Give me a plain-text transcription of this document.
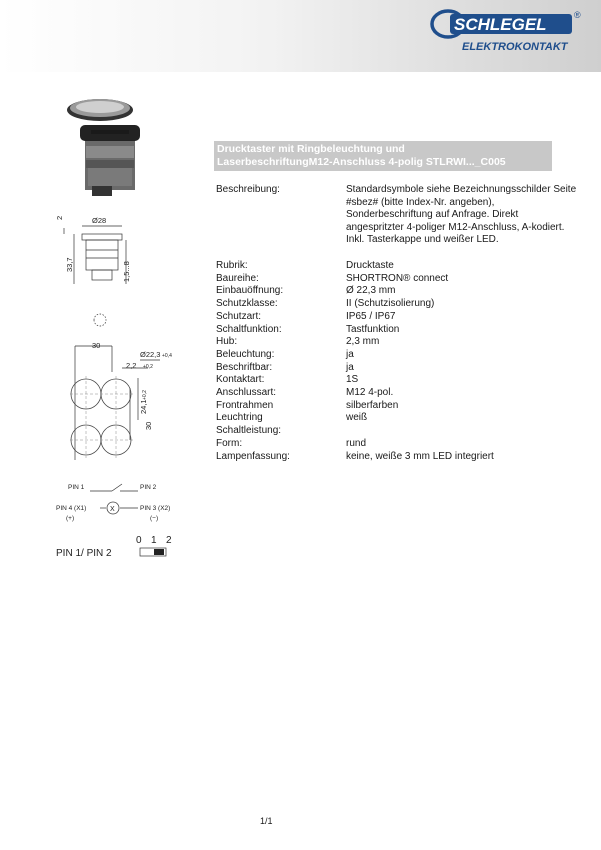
SCHLEGEL	®
ELEKTROKONTAKT
Drucktaster mit Ringbeleuchtung und
LaserbeschriftungM12-Anschluss 4-polig STLRWI..._C005
Beschreibung:	Standardsymbole siehe Bezeichnungsschilder Seite
#sbez# (bitte Index-Nr. angeben),
Sonderbeschriftung auf Anfrage. Direkt
angespritzter 4-poliger M12-Anschluss, A-kodiert.
Inkl. Tasterkappe und weißer LED.
Rubrik:	Drucktaste
Baureihe:	SHORTRON® connect
Einbauöffnung:	Ø 22,3 mm
Schutzklasse:	II (Schutzisolierung)
Schutzart:	IP65 / IP67
Schaltfunktion:	Tastfunktion
Hub:	2,3 mm
Beleuchtung:	ja
Beschriftbar:	ja
Kontaktart:	1S
Anschlussart:	M12 4-pol.
Frontrahmen	silberfarben
Leuchtring	weiß
Schaltleistung:
Form:	rund
Lampenfassung:	keine, weiße 3 mm LED integriert
Ø28
2
33,7	1,5...8
30
Ø22,3 +0,4
2,2 +0,2
24,1
+0,2
30
PIN 1	PIN 2
PIN 4 (X1)	PIN 3 (X2)
(+)	(−)
X
0 1 2
PIN 1/ PIN 2
1/1
